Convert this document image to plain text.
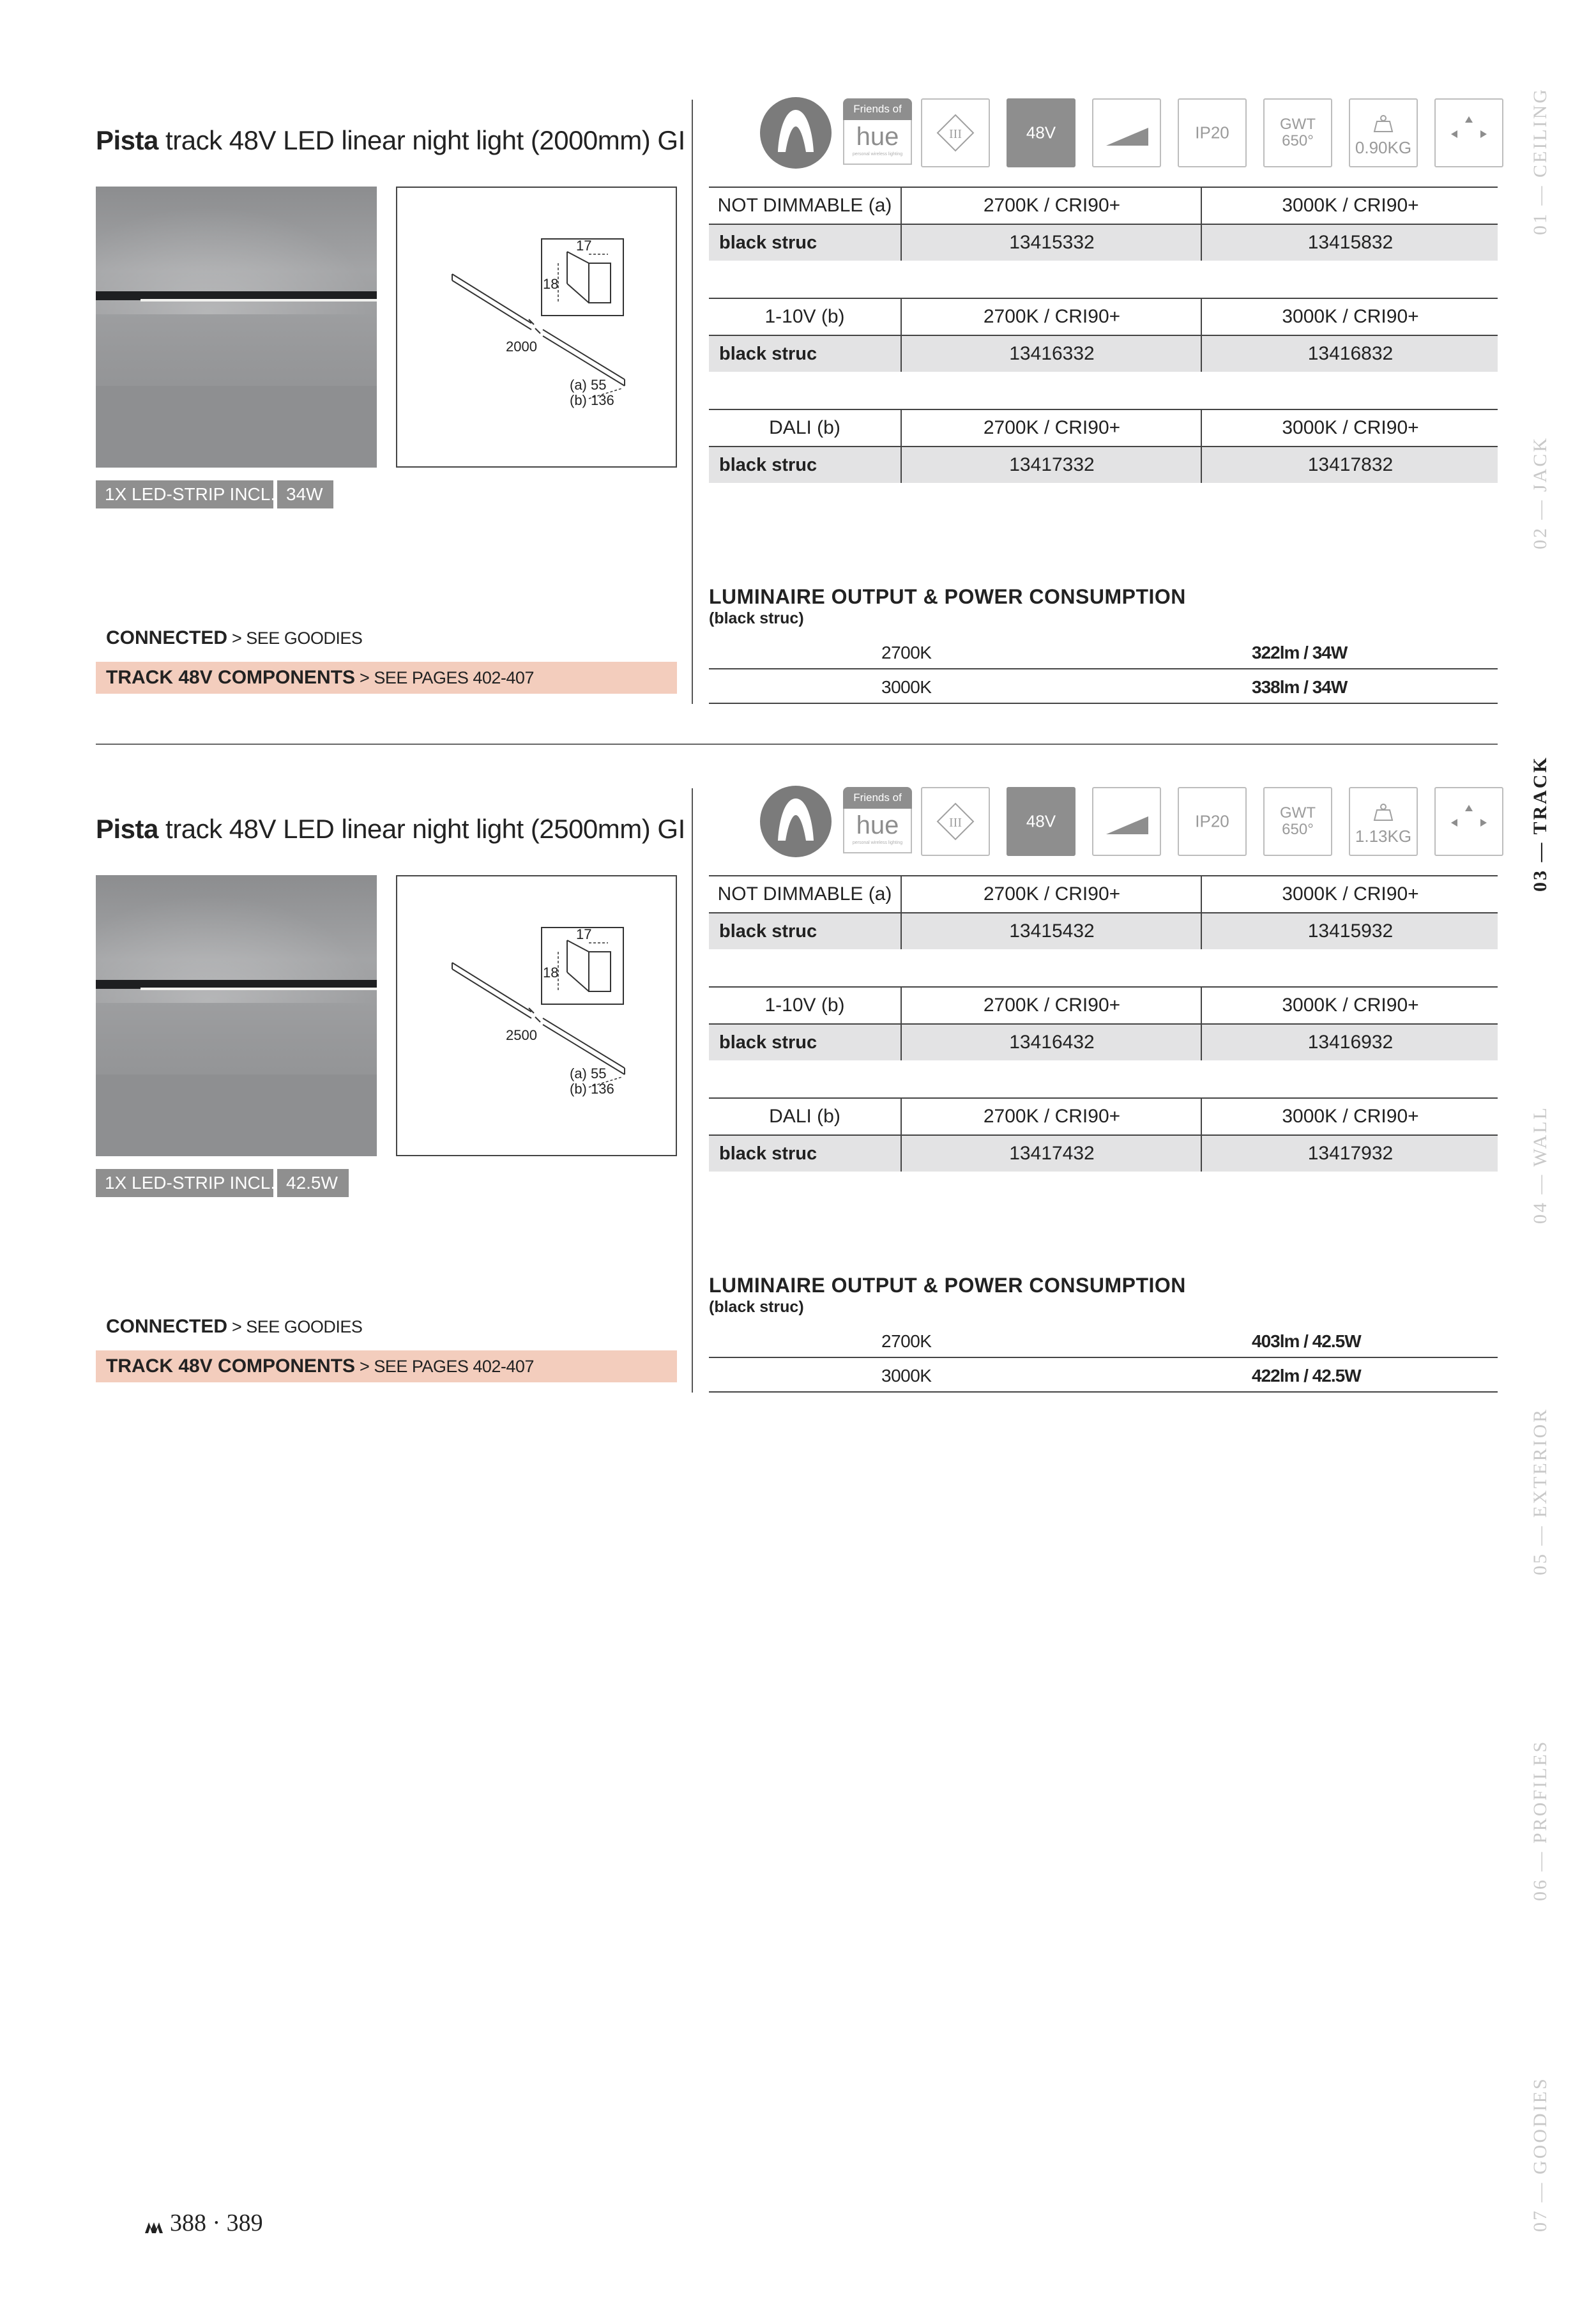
Pista track 48V LED linear night light (2000mm) GI
17
18
2000
(a) 55
(b) 136
1X LED-STRIP INCL. 34W
CONNECTED > SEE GOODIES
TRACK 48V COMPONENTS > SEE PAGES 402-407
Friends of
hue
personal wireless lighting
III	48V	IP20	GWT
650°	0.90KG
NOT DIMMABLE (a)	2700K / CRI90+	3000K / CRI90+
black struc	13415332	13415832
1-10V (b)	2700K / CRI90+	3000K / CRI90+
black struc	13416332	13416832
DALI (b)	2700K / CRI90+	3000K / CRI90+
black struc	13417332	13417832
LUMINAIRE OUTPUT & POWER CONSUMPTION
(black struc)
2700K	322lm / 34W
3000K	338lm / 34W
Pista track 48V LED linear night light (2500mm) GI
17
18
2500
(a) 55
(b) 136
1X LED-STRIP INCL. 42.5W
CONNECTED > SEE GOODIES
TRACK 48V COMPONENTS > SEE PAGES 402-407
Friends of
hue
personal wireless lighting
III	48V	IP20	GWT
650°	1.13KG
NOT DIMMABLE (a)	2700K / CRI90+	3000K / CRI90+
black struc	13415432	13415932
1-10V (b)	2700K / CRI90+	3000K / CRI90+
black struc	13416432	13416932
DALI (b)	2700K / CRI90+	3000K / CRI90+
black struc	13417432	13417932
LUMINAIRE OUTPUT & POWER CONSUMPTION
(black struc)
2700K	403lm / 42.5W
3000K	422lm / 42.5W
01 — CEILING
02 — JACK
03 — TRACK
04 — WALL
05 — EXTERIOR
06 — PROFILES
07 — GOODIES
388 · 389
